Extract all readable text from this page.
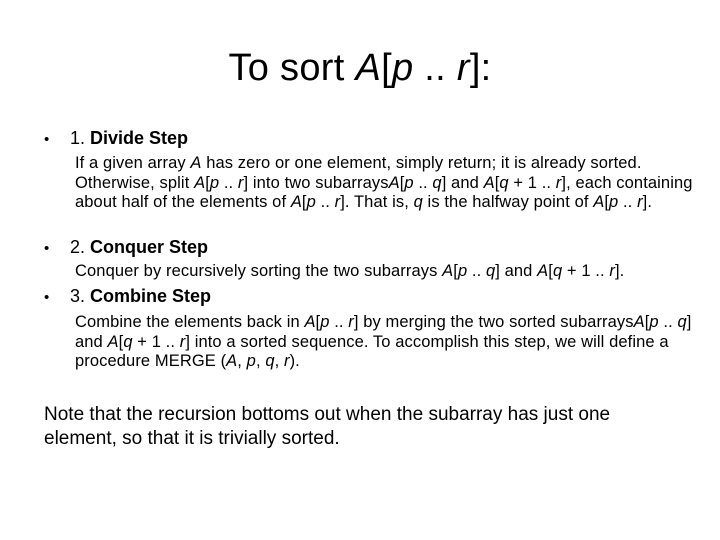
To sort A[p .. r]:
•	1. Divide Step
If a given array A has zero or one element, simply return; it is already sorted. Otherwise, split A[p .. r] into two subarraysA[p .. q] and A[q + 1 .. r], each containing about half of the elements of A[p .. r]. That is, q is the halfway point of A[p .. r].
•	2. Conquer Step
Conquer by recursively sorting the two subarrays A[p .. q] and A[q + 1 .. r].
•	3. Combine Step
Combine the elements back in A[p .. r] by merging the two sorted subarraysA[p .. q] and A[q + 1 .. r] into a sorted sequence. To accomplish this step, we will define a procedure MERGE (A, p, q, r).
Note that the recursion bottoms out when the subarray has just one element, so that it is trivially sorted.
